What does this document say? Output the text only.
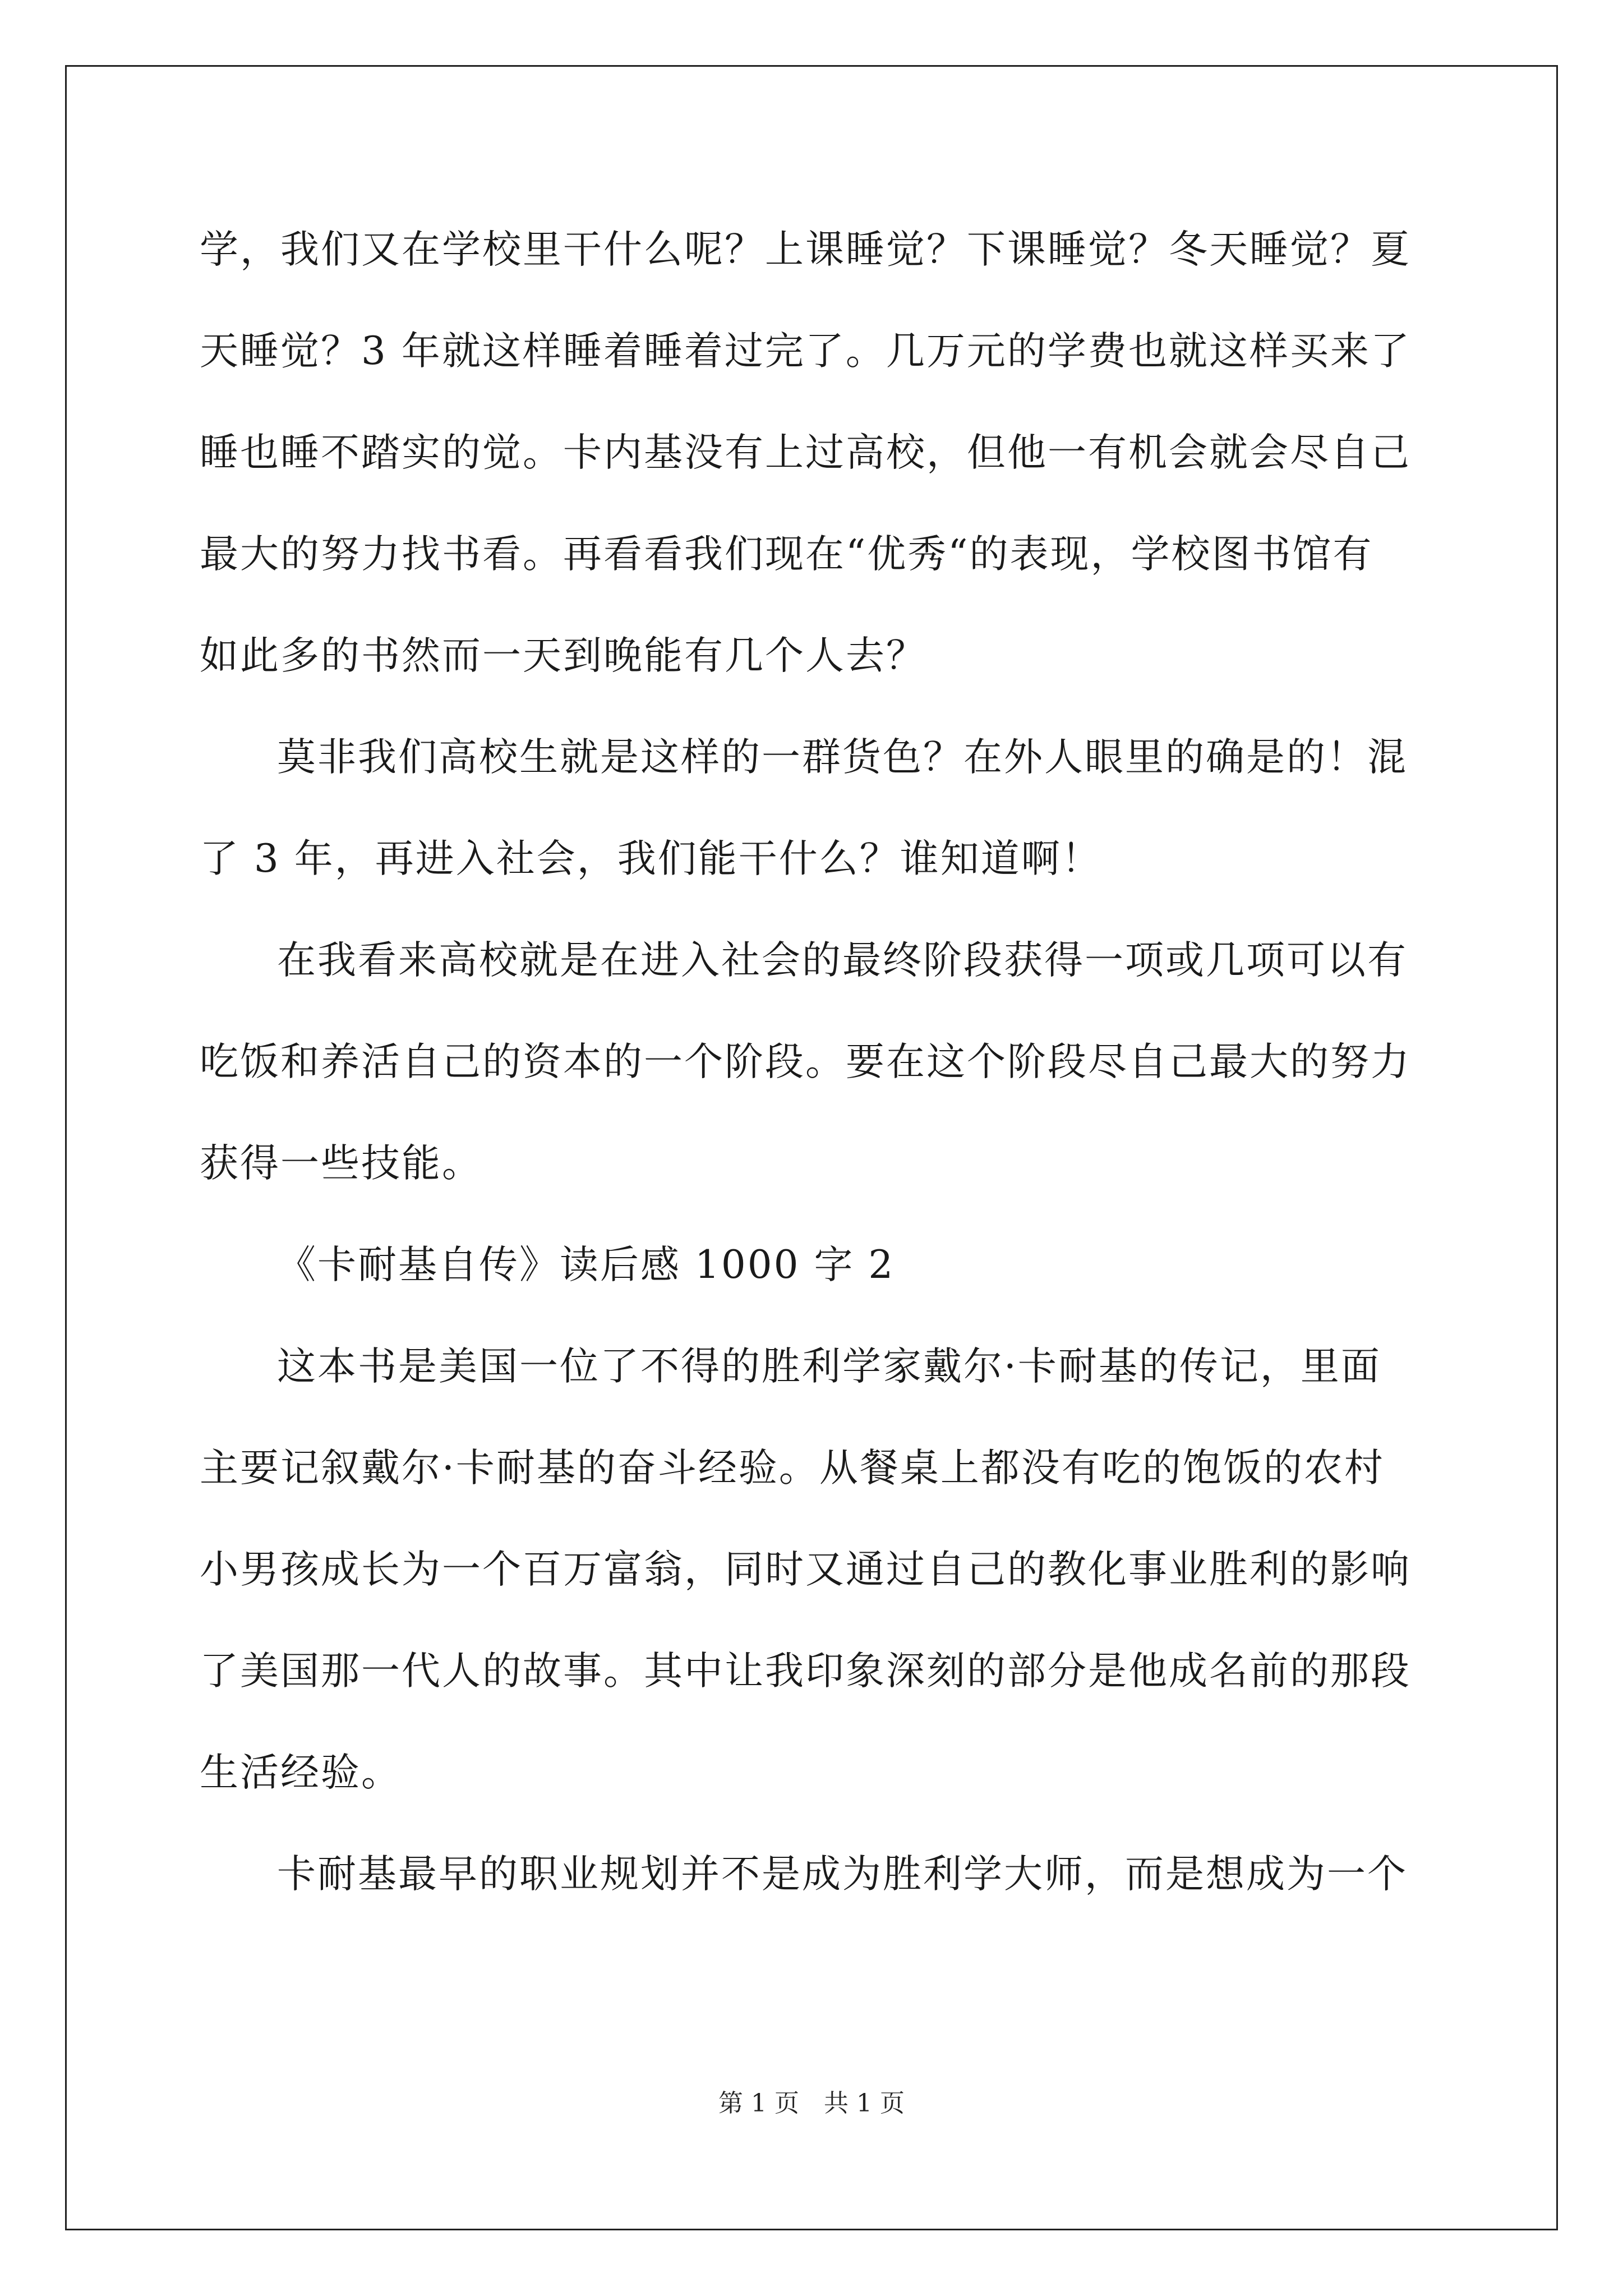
学，我们又在学校里干什么呢？上课睡觉？下课睡觉？冬天睡觉？夏
天睡觉？3 年就这样睡着睡着过完了。几万元的学费也就这样买来了
睡也睡不踏实的觉。卡内基没有上过高校，但他一有机会就会尽自己
最大的努力找书看。再看看我们现在“优秀“的表现，学校图书馆有
如此多的书然而一天到晚能有几个人去？
莫非我们高校生就是这样的一群货色？在外人眼里的确是的！混
了 3 年，再进入社会，我们能干什么？谁知道啊！
在我看来高校就是在进入社会的最终阶段获得一项或几项可以有
吃饭和养活自己的资本的一个阶段。要在这个阶段尽自己最大的努力
获得一些技能。
《卡耐基自传》读后感 1000 字 2
这本书是美国一位了不得的胜利学家戴尔·卡耐基的传记，里面
主要记叙戴尔·卡耐基的奋斗经验。从餐桌上都没有吃的饱饭的农村
小男孩成长为一个百万富翁，同时又通过自己的教化事业胜利的影响
了美国那一代人的故事。其中让我印象深刻的部分是他成名前的那段
生活经验。
卡耐基最早的职业规划并不是成为胜利学大师，而是想成为一个
第 1 页　共 1 页
